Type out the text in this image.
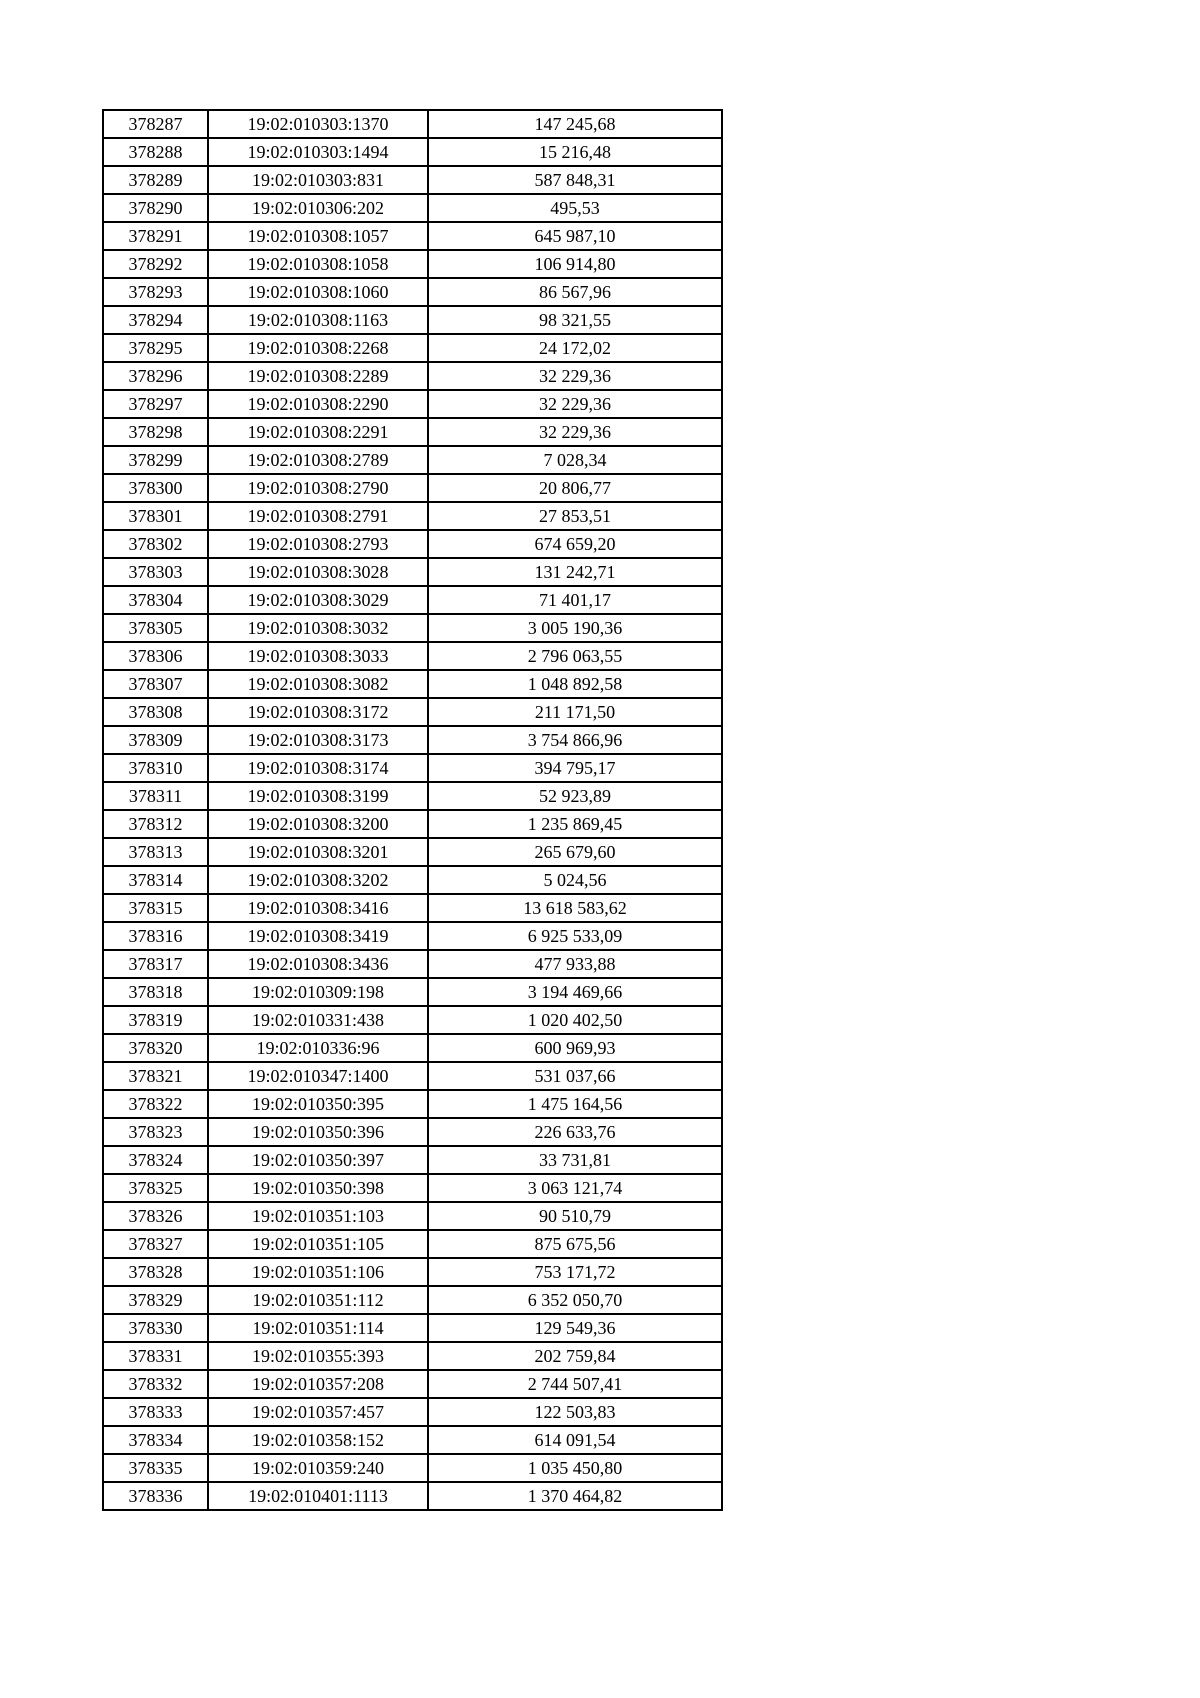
378287	19:02:010303:1370	147 245,68
378288	19:02:010303:1494	15 216,48
378289	19:02:010303:831	587 848,31
378290	19:02:010306:202	495,53
378291	19:02:010308:1057	645 987,10
378292	19:02:010308:1058	106 914,80
378293	19:02:010308:1060	86 567,96
378294	19:02:010308:1163	98 321,55
378295	19:02:010308:2268	24 172,02
378296	19:02:010308:2289	32 229,36
378297	19:02:010308:2290	32 229,36
378298	19:02:010308:2291	32 229,36
378299	19:02:010308:2789	7 028,34
378300	19:02:010308:2790	20 806,77
378301	19:02:010308:2791	27 853,51
378302	19:02:010308:2793	674 659,20
378303	19:02:010308:3028	131 242,71
378304	19:02:010308:3029	71 401,17
378305	19:02:010308:3032	3 005 190,36
378306	19:02:010308:3033	2 796 063,55
378307	19:02:010308:3082	1 048 892,58
378308	19:02:010308:3172	211 171,50
378309	19:02:010308:3173	3 754 866,96
378310	19:02:010308:3174	394 795,17
378311	19:02:010308:3199	52 923,89
378312	19:02:010308:3200	1 235 869,45
378313	19:02:010308:3201	265 679,60
378314	19:02:010308:3202	5 024,56
378315	19:02:010308:3416	13 618 583,62
378316	19:02:010308:3419	6 925 533,09
378317	19:02:010308:3436	477 933,88
378318	19:02:010309:198	3 194 469,66
378319	19:02:010331:438	1 020 402,50
378320	19:02:010336:96	600 969,93
378321	19:02:010347:1400	531 037,66
378322	19:02:010350:395	1 475 164,56
378323	19:02:010350:396	226 633,76
378324	19:02:010350:397	33 731,81
378325	19:02:010350:398	3 063 121,74
378326	19:02:010351:103	90 510,79
378327	19:02:010351:105	875 675,56
378328	19:02:010351:106	753 171,72
378329	19:02:010351:112	6 352 050,70
378330	19:02:010351:114	129 549,36
378331	19:02:010355:393	202 759,84
378332	19:02:010357:208	2 744 507,41
378333	19:02:010357:457	122 503,83
378334	19:02:010358:152	614 091,54
378335	19:02:010359:240	1 035 450,80
378336	19:02:010401:1113	1 370 464,82
